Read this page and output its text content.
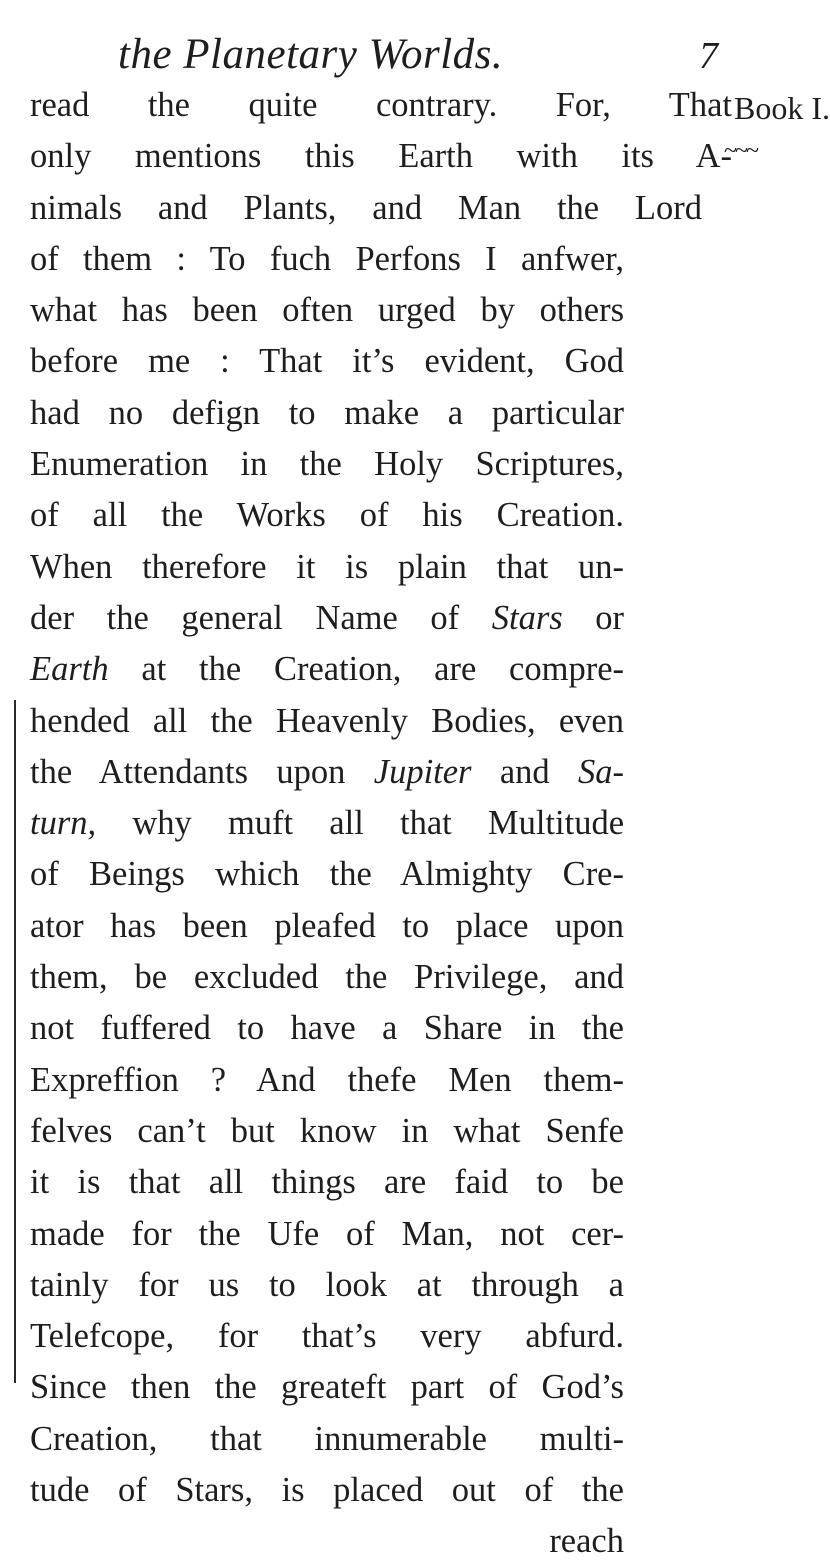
the Planetary Worlds.	7
Book I.
~~~
read the quite contrary. For, That
only mentions this Earth with its A-
nimals and Plants, and Man the Lord
of them : To fuch Perfons I anfwer,
what has been often urged by others
before me : That it’s evident, God
had no defign to make a particular
Enumeration in the Holy Scriptures,
of all the Works of his Creation.
When therefore it is plain that un-
der the general Name of Stars or
Earth at the Creation, are compre-
hended all the Heavenly Bodies, even
the Attendants upon Jupiter and Sa-
turn, why muft all that Multitude
of Beings which the Almighty Cre-
ator has been pleafed to place upon
them, be excluded the Privilege, and
not fuffered to have a Share in the
Expreffion ? And thefe Men them-
felves can’t but know in what Senfe
it is that all things are faid to be
made for the Ufe of Man, not cer-
tainly for us to look at through a
Telefcope, for that’s very abfurd.
Since then the greateft part of God’s
Creation, that innumerable multi-
tude of Stars, is placed out of the
reach
